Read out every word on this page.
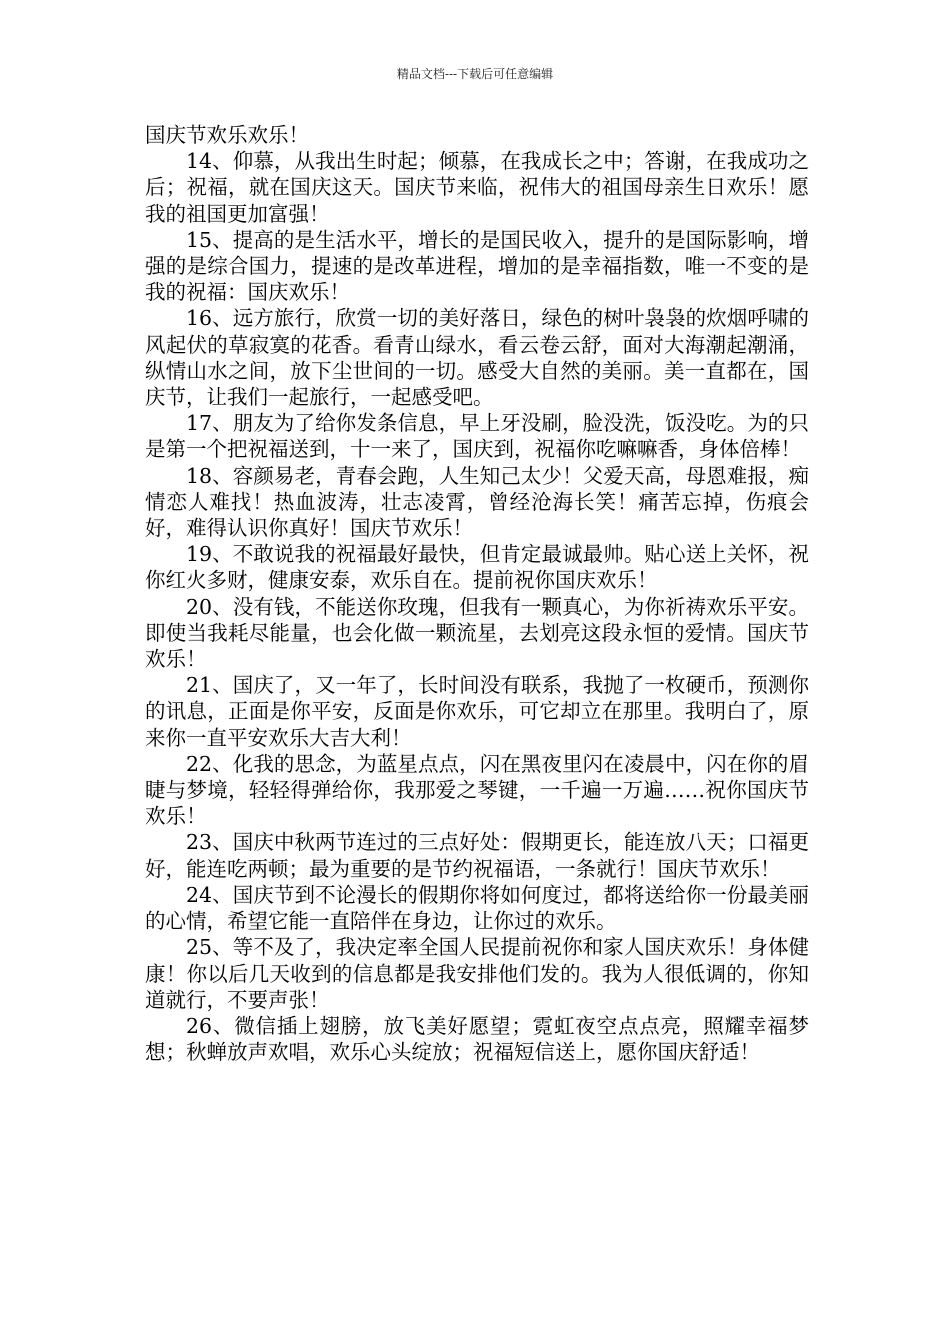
精品文档---下载后可任意编辑

国庆节欢乐欢乐！

14、仰慕，从我出生时起；倾慕，在我成长之中；答谢，在我成功之后；祝福，就在国庆这天。国庆节来临，祝伟大的祖国母亲生日欢乐！愿我的祖国更加富强！

15、提高的是生活水平，增长的是国民收入，提升的是国际影响，增强的是综合国力，提速的是改革进程，增加的是幸福指数，唯一不变的是我的祝福：国庆欢乐！

16、远方旅行，欣赏一切的美好落日，绿色的树叶袅袅的炊烟呼啸的风起伏的草寂寞的花香。看青山绿水，看云卷云舒，面对大海潮起潮涌，纵情山水之间，放下尘世间的一切。感受大自然的美丽。美一直都在，国庆节，让我们一起旅行，一起感受吧。

17、朋友为了给你发条信息，早上牙没刷，脸没洗，饭没吃。为的只是第一个把祝福送到，十一来了，国庆到，祝福你吃嘛嘛香，身体倍棒！

18、容颜易老，青春会跑，人生知己太少！父爱天高，母恩难报，痴情恋人难找！热血波涛，壮志凌霄，曾经沧海长笑！痛苦忘掉，伤痕会好，难得认识你真好！国庆节欢乐！

19、不敢说我的祝福最好最快，但肯定最诚最帅。贴心送上关怀，祝你红火多财，健康安泰，欢乐自在。提前祝你国庆欢乐！

20、没有钱，不能送你玫瑰，但我有一颗真心，为你祈祷欢乐平安。即使当我耗尽能量，也会化做一颗流星，去划亮这段永恒的爱情。国庆节欢乐！

21、国庆了，又一年了，长时间没有联系，我抛了一枚硬币，预测你的讯息，正面是你平安，反面是你欢乐，可它却立在那里。我明白了，原来你一直平安欢乐大吉大利！

22、化我的思念，为蓝星点点，闪在黑夜里闪在凌晨中，闪在你的眉睫与梦境，轻轻得弹给你，我那爱之琴键，一千遍一万遍……祝你国庆节欢乐！

23、国庆中秋两节连过的三点好处：假期更长，能连放八天；口福更好，能连吃两顿；最为重要的是节约祝福语，一条就行！国庆节欢乐！

24、国庆节到不论漫长的假期你将如何度过，都将送给你一份最美丽的心情，希望它能一直陪伴在身边，让你过的欢乐。

25、等不及了，我决定率全国人民提前祝你和家人国庆欢乐！身体健康！你以后几天收到的信息都是我安排他们发的。我为人很低调的，你知道就行，不要声张！

26、微信插上翅膀，放飞美好愿望；霓虹夜空点点亮，照耀幸福梦想；秋蝉放声欢唱，欢乐心头绽放；祝福短信送上，愿你国庆舒适！
